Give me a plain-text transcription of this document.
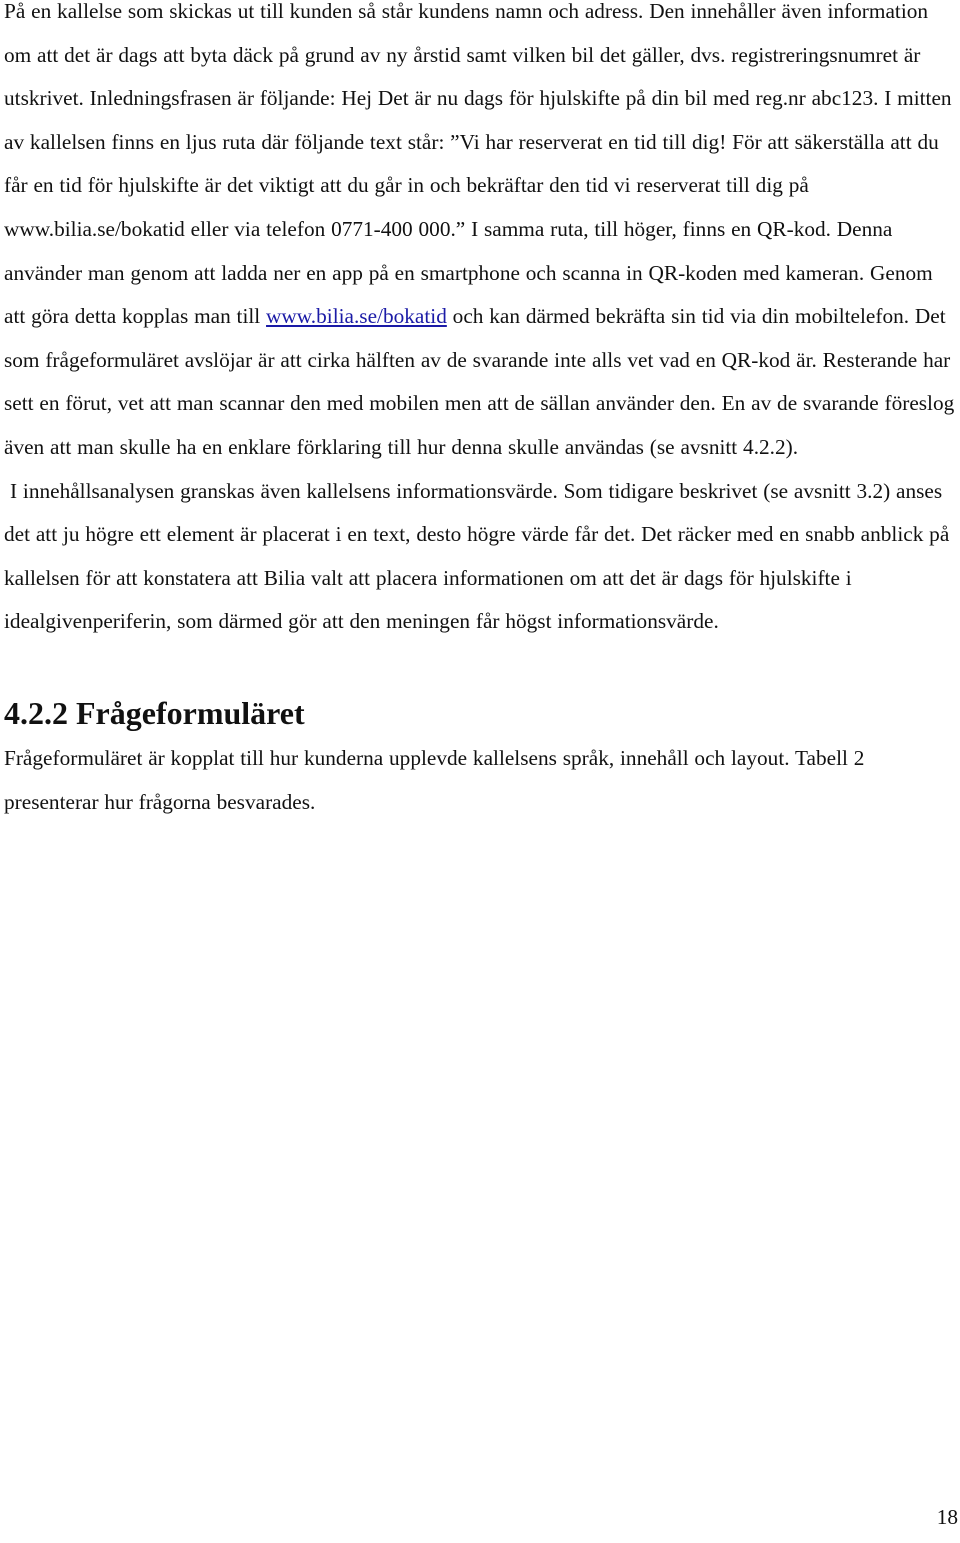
På en kallelse som skickas ut till kunden så står kundens namn och adress. Den innehåller även information om att det är dags att byta däck på grund av ny årstid samt vilken bil det gäller, dvs. registreringsnumret är utskrivet. Inledningsfrasen är följande: Hej Det är nu dags för hjulskifte på din bil med reg.nr abc123. I mitten av kallelsen finns en ljus ruta där följande text står: ”Vi har reserverat en tid till dig! För att säkerställa att du får en tid för hjulskifte är det viktigt att du går in och bekräftar den tid vi reserverat till dig på www.bilia.se/bokatid eller via telefon 0771-400 000.” I samma ruta, till höger, finns en QR-kod. Denna använder man genom att ladda ner en app på en smartphone och scanna in QR-koden med kameran. Genom att göra detta kopplas man till www.bilia.se/bokatid och kan därmed bekräfta sin tid via din mobiltelefon. Det som frågeformuläret avslöjar är att cirka hälften av de svarande inte alls vet vad en QR-kod är. Resterande har sett en förut, vet att man scannar den med mobilen men att de sällan använder den. En av de svarande föreslog även att man skulle ha en enklare förklaring till hur denna skulle användas (se avsnitt 4.2.2).

I innehållsanalysen granskas även kallelsens informationsvärde. Som tidigare beskrivet (se avsnitt 3.2) anses det att ju högre ett element är placerat i en text, desto högre värde får det. Det räcker med en snabb anblick på kallelsen för att konstatera att Bilia valt att placera informationen om att det är dags för hjulskifte i idealgivenperiferin, som därmed gör att den meningen får högst informationsvärde.

4.2.2 Frågeformuläret

Frågeformuläret är kopplat till hur kunderna upplevde kallelsens språk, innehåll och layout. Tabell 2 presenterar hur frågorna besvarades.

18
